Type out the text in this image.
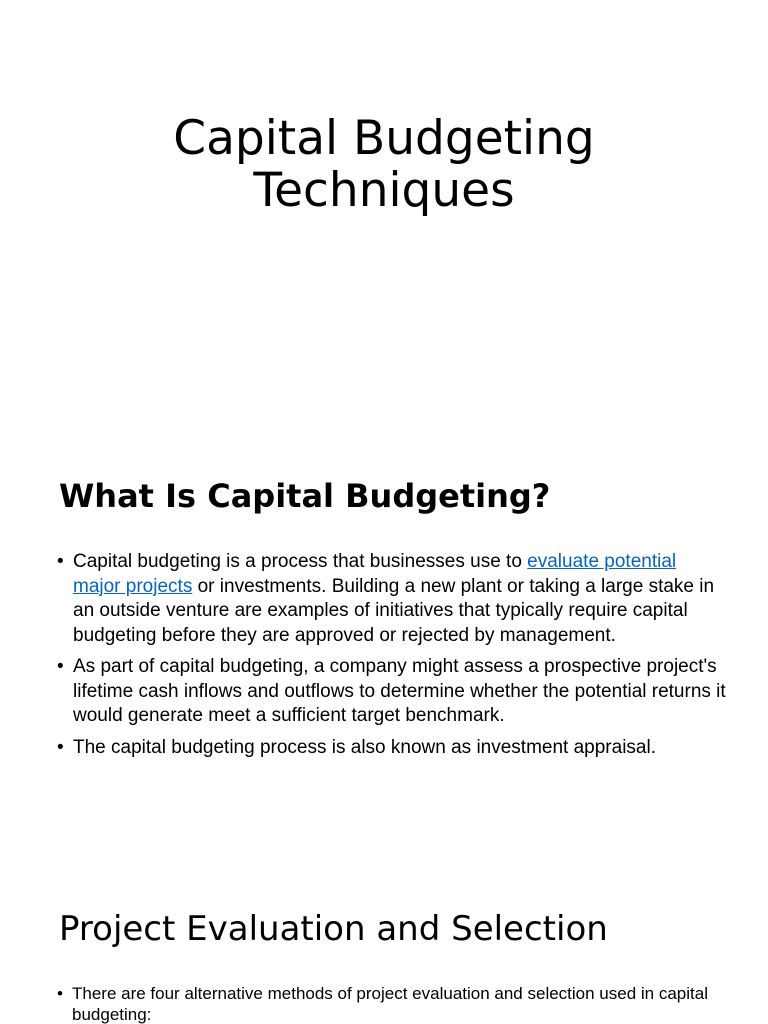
Capital Budgeting
Techniques
What Is Capital Budgeting?
• Capital budgeting is a process that businesses use to evaluate potential major projects or investments. Building a new plant or taking a large stake in an outside venture are examples of initiatives that typically require capital budgeting before they are approved or rejected by management.
• As part of capital budgeting, a company might assess a prospective project's lifetime cash inflows and outflows to determine whether the potential returns it would generate meet a sufficient target benchmark.
• The capital budgeting process is also known as investment appraisal.
Project Evaluation and Selection
• There are four alternative methods of project evaluation and selection used in capital budgeting:
